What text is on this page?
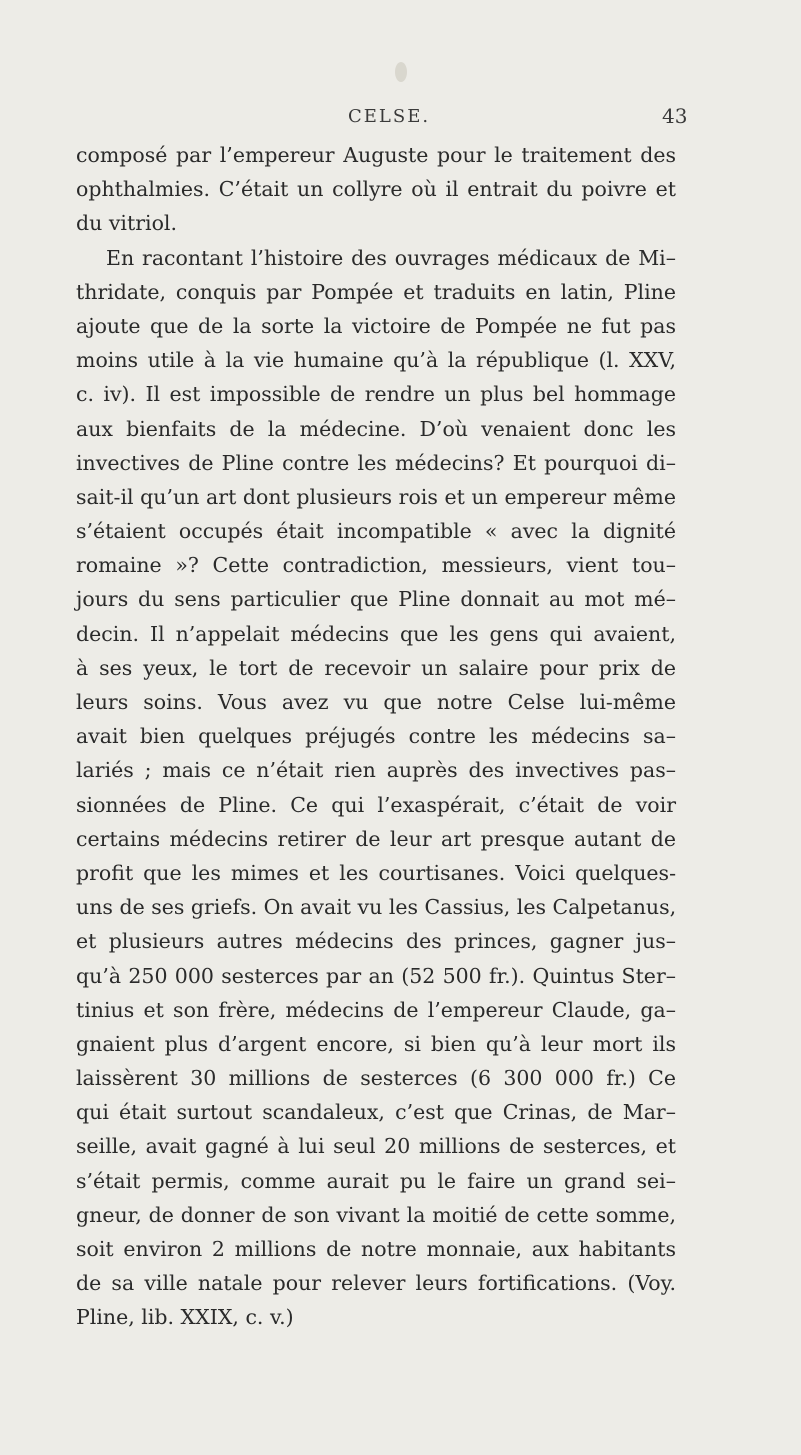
CELSE.	43
composé par l’empereur Auguste pour le traitement des
ophthalmies. C’était un collyre où il entrait du poivre et
du vitriol.
En racontant l’histoire des ouvrages médicaux de Mi–
thridate, conquis par Pompée et traduits en latin, Pline
ajoute que de la sorte la victoire de Pompée ne fut pas
moins utile à la vie humaine qu’à la république (l. XXV,
c. iv). Il est impossible de rendre un plus bel hommage
aux bienfaits de la médecine. D’où venaient donc les
invectives de Pline contre les médecins? Et pourquoi di–
sait-il qu’un art dont plusieurs rois et un empereur même
s’étaient occupés était incompatible « avec la dignité
romaine »? Cette contradiction, messieurs, vient tou–
jours du sens particulier que Pline donnait au mot mé–
decin. Il n’appelait médecins que les gens qui avaient,
à ses yeux, le tort de recevoir un salaire pour prix de
leurs soins. Vous avez vu que notre Celse lui-même
avait bien quelques préjugés contre les médecins sa–
lariés ; mais ce n’était rien auprès des invectives pas–
sionnées de Pline. Ce qui l’exaspérait, c’était de voir
certains médecins retirer de leur art presque autant de
profit que les mimes et les courtisanes. Voici quelques-
uns de ses griefs. On avait vu les Cassius, les Calpetanus,
et plusieurs autres médecins des princes, gagner jus–
qu’à 250 000 sesterces par an (52 500 fr.). Quintus Ster–
tinius et son frère, médecins de l’empereur Claude, ga–
gnaient plus d’argent encore, si bien qu’à leur mort ils
laissèrent 30 millions de sesterces (6 300 000 fr.) Ce
qui était surtout scandaleux, c’est que Crinas, de Mar–
seille, avait gagné à lui seul 20 millions de sesterces, et
s’était permis, comme aurait pu le faire un grand sei–
gneur, de donner de son vivant la moitié de cette somme,
soit environ 2 millions de notre monnaie, aux habitants
de sa ville natale pour relever leurs fortifications. (Voy.
Pline, lib. XXIX, c. v.)
